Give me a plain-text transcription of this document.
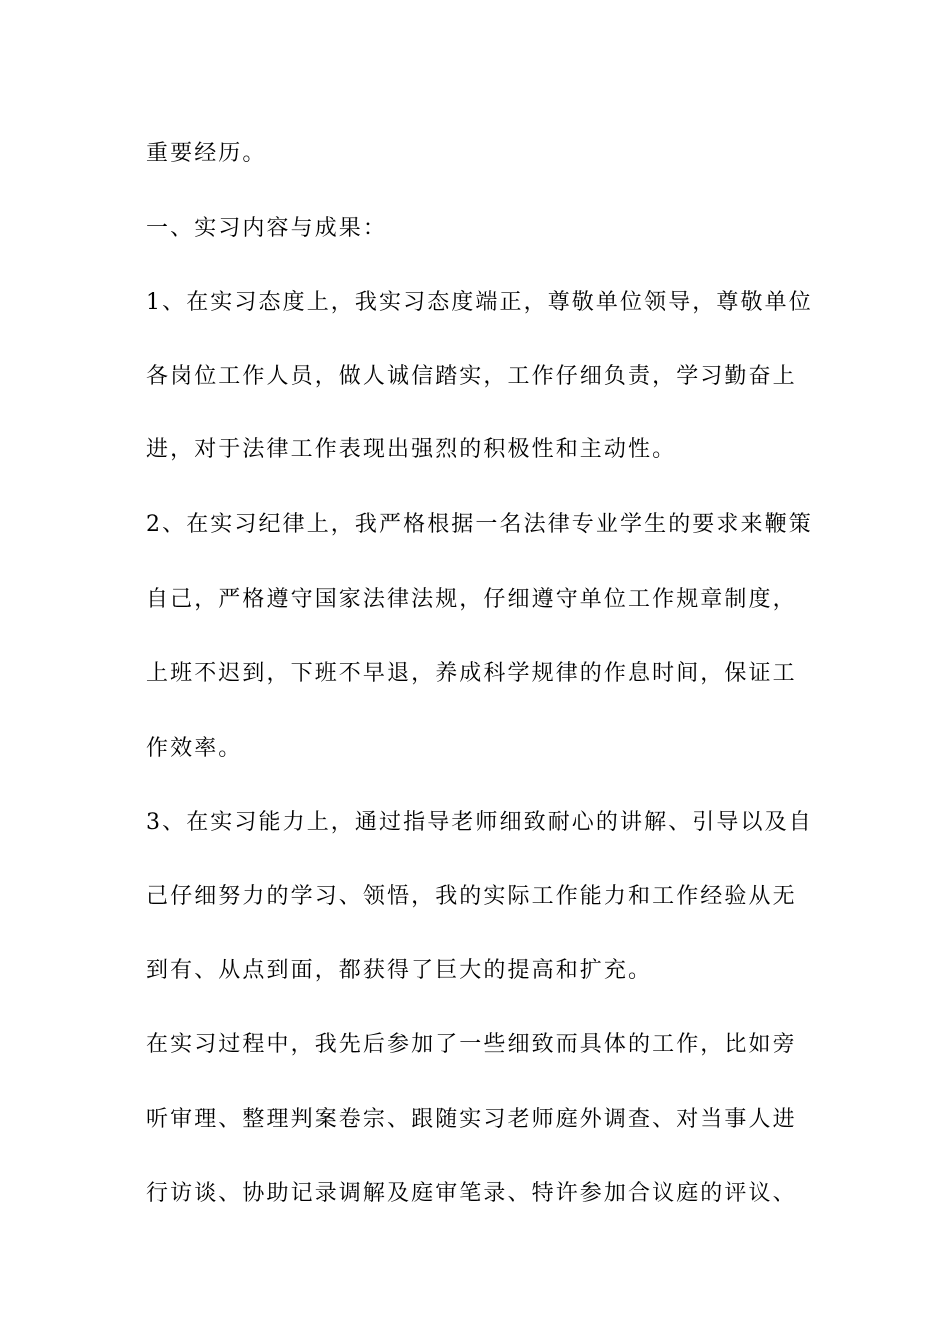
重要经历。
一、实习内容与成果：
1、在实习态度上，我实习态度端正，尊敬单位领导，尊敬单位
各岗位工作人员，做人诚信踏实，工作仔细负责，学习勤奋上
进，对于法律工作表现出强烈的积极性和主动性。
2、在实习纪律上，我严格根据一名法律专业学生的要求来鞭策
自己，严格遵守国家法律法规，仔细遵守单位工作规章制度，
上班不迟到，下班不早退，养成科学规律的作息时间，保证工
作效率。
3、在实习能力上，通过指导老师细致耐心的讲解、引导以及自
己仔细努力的学习、领悟，我的实际工作能力和工作经验从无
到有、从点到面，都获得了巨大的提高和扩充。
在实习过程中，我先后参加了一些细致而具体的工作，比如旁
听审理、整理判案卷宗、跟随实习老师庭外调查、对当事人进
行访谈、协助记录调解及庭审笔录、特许参加合议庭的评议、
